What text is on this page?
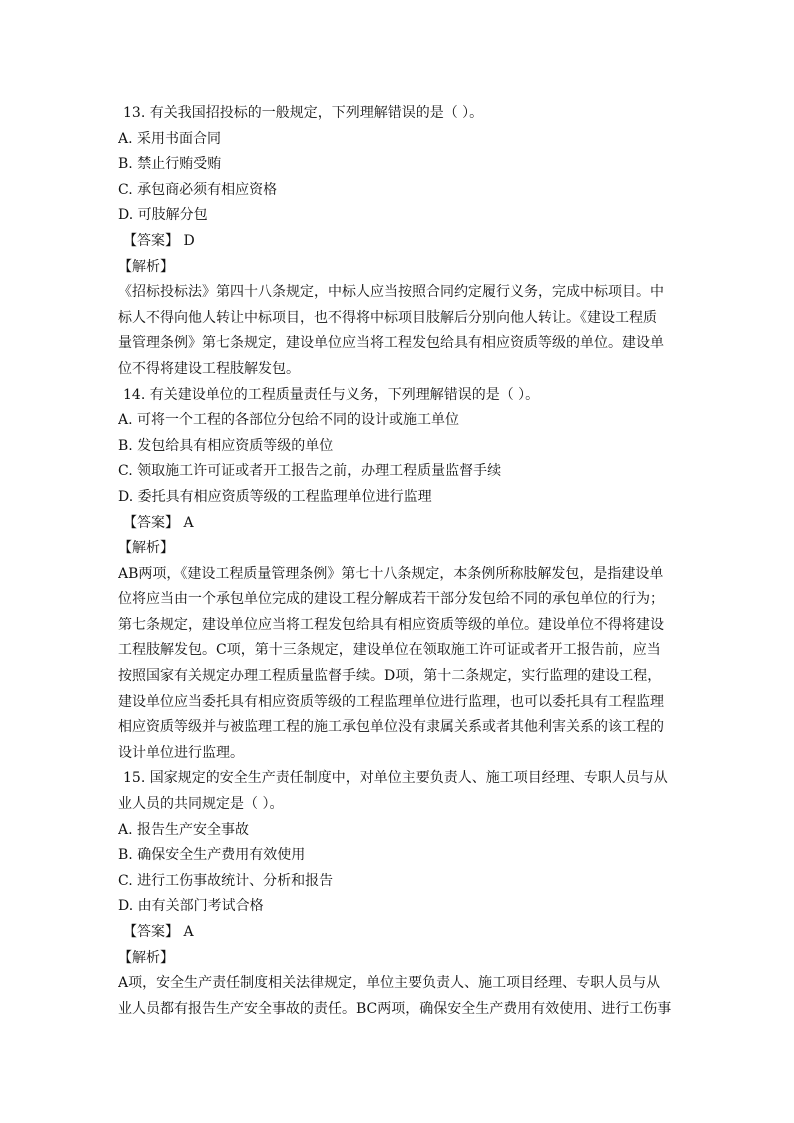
13. 有关我国招投标的一般规定，下列理解错误的是（ ）。
A. 采用书面合同
B. 禁止行贿受贿
C. 承包商必须有相应资格
D. 可肢解分包
【答案】 D
【解析】
《招标投标法》第四十八条规定，中标人应当按照合同约定履行义务，完成中标项目。中
标人不得向他人转让中标项目，也不得将中标项目肢解后分别向他人转让。《建设工程质
量管理条例》第七条规定，建设单位应当将工程发包给具有相应资质等级的单位。建设单
位不得将建设工程肢解发包。
14. 有关建设单位的工程质量责任与义务，下列理解错误的是（ ）。
A. 可将一个工程的各部位分包给不同的设计或施工单位
B. 发包给具有相应资质等级的单位
C. 领取施工许可证或者开工报告之前，办理工程质量监督手续
D. 委托具有相应资质等级的工程监理单位进行监理
【答案】 A
【解析】
AB两项，《建设工程质量管理条例》第七十八条规定，本条例所称肢解发包，是指建设单
位将应当由一个承包单位完成的建设工程分解成若干部分发包给不同的承包单位的行为；
第七条规定，建设单位应当将工程发包给具有相应资质等级的单位。建设单位不得将建设
工程肢解发包。C项，第十三条规定，建设单位在领取施工许可证或者开工报告前，应当
按照国家有关规定办理工程质量监督手续。D项，第十二条规定，实行监理的建设工程，
建设单位应当委托具有相应资质等级的工程监理单位进行监理，也可以委托具有工程监理
相应资质等级并与被监理工程的施工承包单位没有隶属关系或者其他利害关系的该工程的
设计单位进行监理。
15. 国家规定的安全生产责任制度中，对单位主要负责人、施工项目经理、专职人员与从
业人员的共同规定是（ ）。
A. 报告生产安全事故
B. 确保安全生产费用有效使用
C. 进行工伤事故统计、分析和报告
D. 由有关部门考试合格
【答案】 A
【解析】
A项，安全生产责任制度相关法律规定，单位主要负责人、施工项目经理、专职人员与从
业人员都有报告生产安全事故的责任。BC两项，确保安全生产费用有效使用、进行工伤事
